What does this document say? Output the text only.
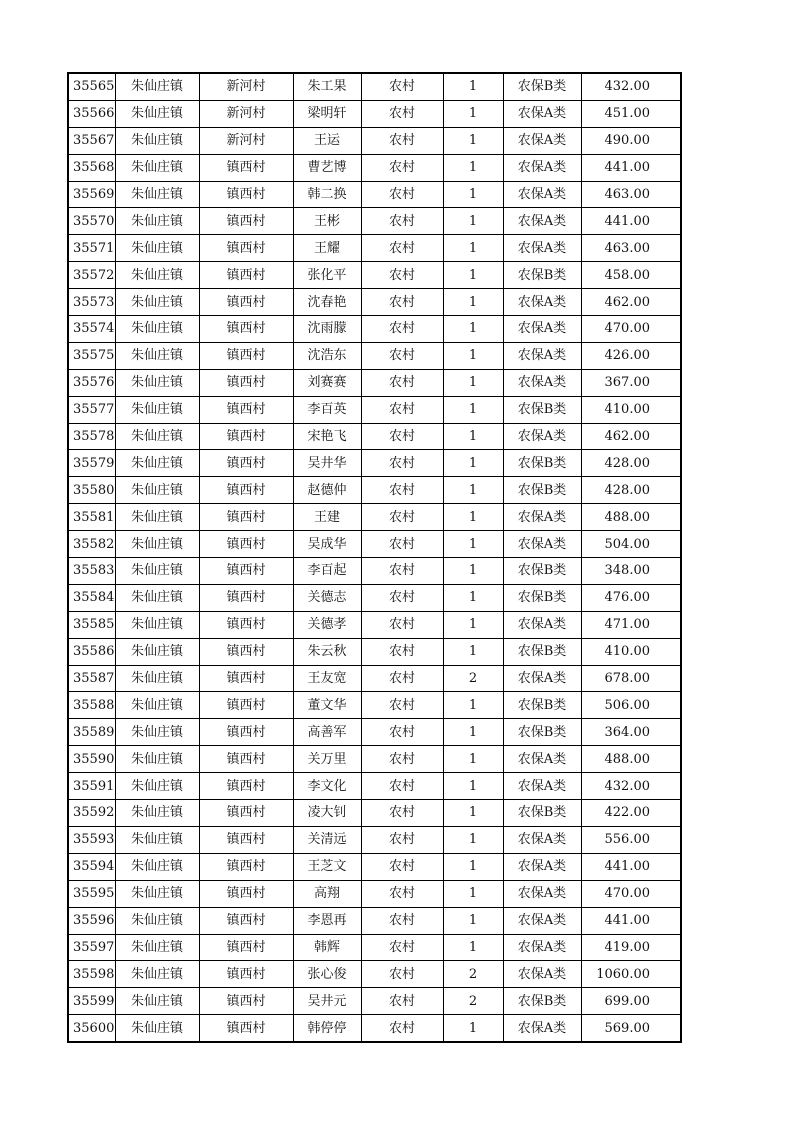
35565	朱仙庄镇	新河村	朱工果	农村	1	农保B类	432.00
35566	朱仙庄镇	新河村	梁明轩	农村	1	农保A类	451.00
35567	朱仙庄镇	新河村	王运	农村	1	农保A类	490.00
35568	朱仙庄镇	镇西村	曹艺博	农村	1	农保A类	441.00
35569	朱仙庄镇	镇西村	韩二换	农村	1	农保A类	463.00
35570	朱仙庄镇	镇西村	王彬	农村	1	农保A类	441.00
35571	朱仙庄镇	镇西村	王耀	农村	1	农保A类	463.00
35572	朱仙庄镇	镇西村	张化平	农村	1	农保B类	458.00
35573	朱仙庄镇	镇西村	沈春艳	农村	1	农保A类	462.00
35574	朱仙庄镇	镇西村	沈雨朦	农村	1	农保A类	470.00
35575	朱仙庄镇	镇西村	沈浩东	农村	1	农保A类	426.00
35576	朱仙庄镇	镇西村	刘赛赛	农村	1	农保A类	367.00
35577	朱仙庄镇	镇西村	李百英	农村	1	农保B类	410.00
35578	朱仙庄镇	镇西村	宋艳飞	农村	1	农保A类	462.00
35579	朱仙庄镇	镇西村	吴井华	农村	1	农保B类	428.00
35580	朱仙庄镇	镇西村	赵德仲	农村	1	农保B类	428.00
35581	朱仙庄镇	镇西村	王建	农村	1	农保A类	488.00
35582	朱仙庄镇	镇西村	吴成华	农村	1	农保A类	504.00
35583	朱仙庄镇	镇西村	李百起	农村	1	农保B类	348.00
35584	朱仙庄镇	镇西村	关德志	农村	1	农保B类	476.00
35585	朱仙庄镇	镇西村	关德孝	农村	1	农保A类	471.00
35586	朱仙庄镇	镇西村	朱云秋	农村	1	农保B类	410.00
35587	朱仙庄镇	镇西村	王友宽	农村	2	农保A类	678.00
35588	朱仙庄镇	镇西村	董文华	农村	1	农保B类	506.00
35589	朱仙庄镇	镇西村	高善军	农村	1	农保B类	364.00
35590	朱仙庄镇	镇西村	关万里	农村	1	农保A类	488.00
35591	朱仙庄镇	镇西村	李文化	农村	1	农保A类	432.00
35592	朱仙庄镇	镇西村	凌大钊	农村	1	农保B类	422.00
35593	朱仙庄镇	镇西村	关清远	农村	1	农保A类	556.00
35594	朱仙庄镇	镇西村	王芝文	农村	1	农保A类	441.00
35595	朱仙庄镇	镇西村	高翔	农村	1	农保A类	470.00
35596	朱仙庄镇	镇西村	李恩再	农村	1	农保A类	441.00
35597	朱仙庄镇	镇西村	韩辉	农村	1	农保A类	419.00
35598	朱仙庄镇	镇西村	张心俊	农村	2	农保A类	1060.00
35599	朱仙庄镇	镇西村	吴井元	农村	2	农保B类	699.00
35600	朱仙庄镇	镇西村	韩停停	农村	1	农保A类	569.00
